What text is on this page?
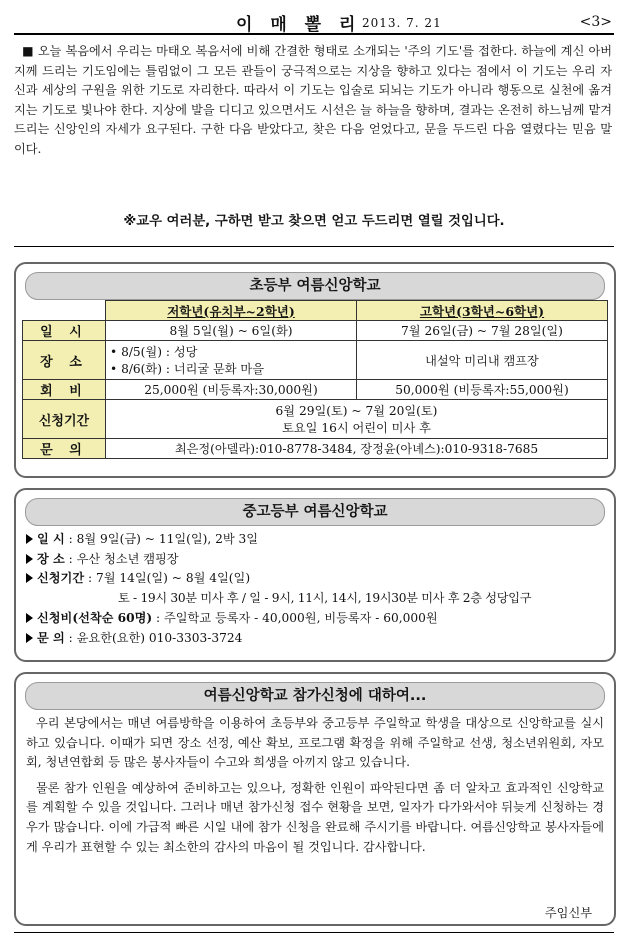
이 매 뽈 리 2013. 7. 21	<3>

■ 오늘 복음에서 우리는 마태오 복음서에 비해 간결한 형태로 소개되는 '주의 기도'를 접한다. 하늘에 계신 아버지께 드리는 기도임에는 틀림없이 그 모든 관들이 궁극적으로는 지상을 향하고 있다는 점에서 이 기도는 우리 자신과 세상의 구원을 위한 기도로 자리한다. 따라서 이 기도는 입술로 되뇌는 기도가 아니라 행동으로 실천에 옮겨지는 기도로 빛나야 한다. 지상에 발을 디디고 있으면서도 시선은 늘 하늘을 향하며, 결과는 온전히 하느님께 맡겨드리는 신앙인의 자세가 요구된다. 구한 다음 받았다고, 찾은 다음 얻었다고, 문을 두드린 다음 열렸다는 믿음 말이다.

※교우 여러분, 구하면 받고 찾으면 얻고 두드리면 열릴 것입니다.
초등부 여름신앙학교
	저학년(유치부~2학년)	고학년(3학년~6학년)
일 시	8월 5일(월) ~ 6일(화)	7월 26일(금) ~ 7월 28일(일)
장 소	• 8/5(월) : 성당
• 8/6(화) : 너리굴 문화 마을	내설악 미리내 캠프장
회 비	25,000원 (비등록자:30,000원)	50,000원 (비등록자:55,000원)
신청기간	6월 29일(토) ~ 7월 20일(토)
토요일 16시 어린이 미사 후	

문 의	최은정(아델라):010-8778-3484, 장정윤(아녜스):010-9318-7685	
중고등부 여름신앙학교
일 시 : 8월 9일(금) ~ 11일(일), 2박 3일
장 소 : 우산 청소년 캠핑장
신청기간 : 7월 14일(일) ~ 8월 4일(일)
토 - 19시 30분 미사 후 / 일 - 9시, 11시, 14시, 19시30분 미사 후 2층 성당입구
신청비(선착순 60명) : 주일학교 등록자 - 40,000원, 비등록자 - 60,000원
문 의 : 윤요한(요한) 010-3303-3724
여름신앙학교 참가신청에 대하여...

우리 본당에서는 매년 여름방학을 이용하여 초등부와 중고등부 주일학교 학생을 대상으로 신앙학교를 실시하고 있습니다. 이때가 되면 장소 선정, 예산 확보, 프로그램 확정을 위해 주일학교 선생, 청소년위원회, 자모회, 청년연합회 등 많은 봉사자들이 수고와 희생을 아끼지 않고 있습니다.

물론 참가 인원을 예상하여 준비하고는 있으나, 정확한 인원이 파악된다면 좀 더 알차고 효과적인 신앙학교를 계획할 수 있을 것입니다. 그러나 매년 참가신청 접수 현황을 보면, 일자가 다가와서야 뒤늦게 신청하는 경우가 많습니다. 이에 가급적 빠른 시일 내에 참가 신청을 완료해 주시기를 바랍니다. 여름신앙학교 봉사자들에게 우리가 표현할 수 있는 최소한의 감사의 마음이 될 것입니다. 감사합니다.

주임신부
